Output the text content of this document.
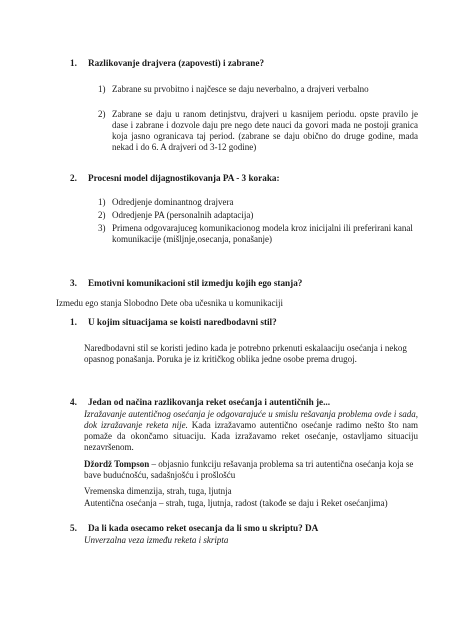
1. Razlikovanje drajvera (zapovesti) i zabrane?
1) Zabrane su prvobitno i najčesce se daju neverbalno, a drajveri verbalno
2) Zabrane se daju u ranom detinjstvu, drajveri u kasnijem periodu. opste pravilo je dase i zabrane i dozvole daju pre nego dete nauci da govori mada ne postoji granica koja jasno ogranicava taj period. (zabrane se daju obično do druge godine, mada nekad i do 6. A drajveri od 3-12 godine)

2. Procesni model dijagnostikovanja PA - 3 koraka:
1) Odredjenje dominantnog drajvera
2) Odredjenje PA (personalnih adaptacija)
3) Primena odgovarajuceg komunikacionog modela kroz inicijalni ili preferirani kanal komunikacije (mišljnje,osecanja, ponašanje)

3. Emotivni komunikacioni stil izmedju kojih ego stanja?
Izmedu ego stanja Slobodno Dete oba učesnika u komunikaciji
1. U kojim situacijama se koisti naredbodavni stil?

Naredbodavni stil se koristi jedino kada je potrebno prkenuti eskalaaciju osećanja i nekog opasnog ponašanja. Poruka je iz kritičkog oblika jedne osobe prema drugoj.

4. Jedan od načina razlikovanja reket osećanja i autentičnih je...

Izražavanje autentičnog osećanja je odgovarajuće u smislu rešavanja problema ovde i sada, dok izražavanje reketa nije. Kada izražavamo autentično osećanje radimo nešto što nam pomaže da okončamo situaciju. Kada izražavamo reket osećanje, ostavljamo situaciju nezavršenom.

Džordž Tompson – objasnio funkciju rešavanja problema sa tri autentična osećanja koja se bave budućnošću, sadašnjošću i prošlošću

Vremenska dimenzija, strah, tuga, ljutnja
Autentična osećanja – strah, tuga, ljutnja, radost (takođe se daju i Reket osećanjima)
5. Da li kada osecamo reket osecanja da li smo u skriptu? DA
Unverzalna veza između reketa i skripta
